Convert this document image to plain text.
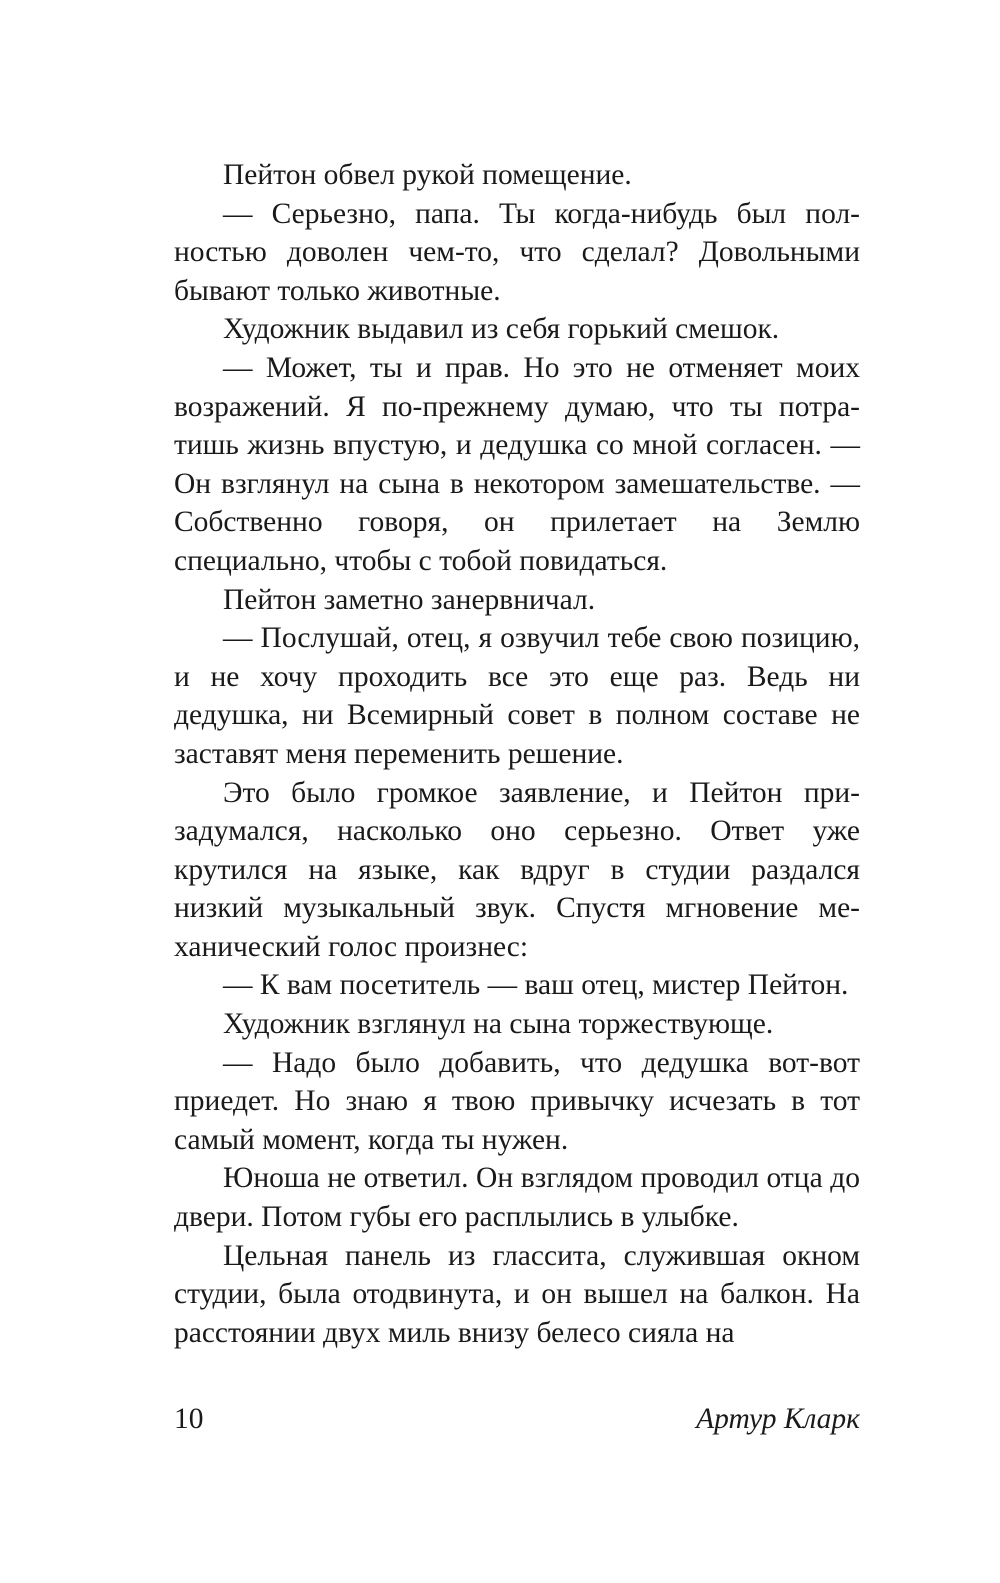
Пейтон обвел рукой помещение.

— Серьезно, папа. Ты когда-нибудь был полностью доволен чем-то, что сделал? Довольными бывают только животные.

Художник выдавил из себя горький смешок.

— Может, ты и прав. Но это не отменяет моих возражений. Я по-прежнему думаю, что ты потратишь жизнь впустую, и дедушка со мной согласен. — Он взглянул на сына в некотором замешательстве. — Собственно говоря, он прилетает на Землю специально, чтобы с тобой повидаться.

Пейтон заметно занервничал.

— Послушай, отец, я озвучил тебе свою позицию, и не хочу проходить все это еще раз. Ведь ни дедушка, ни Всемирный совет в полном составе не заставят меня переменить решение.

Это было громкое заявление, и Пейтон призадумался, насколько оно серьезно. Ответ уже крутился на языке, как вдруг в студии раздался низкий музыкальный звук. Спустя мгновение механический голос произнес:

— К вам посетитель — ваш отец, мистер Пейтон.

Художник взглянул на сына торжествующе.

— Надо было добавить, что дедушка вот-вот приедет. Но знаю я твою привычку исчезать в тот самый момент, когда ты нужен.

Юноша не ответил. Он взглядом проводил отца до двери. Потом губы его расплылись в улыбке.

Цельная панель из глассита, служившая окном студии, была отодвинута, и он вышел на балкон. На расстоянии двух миль внизу белесо сияла на

10	Артур Кларк
